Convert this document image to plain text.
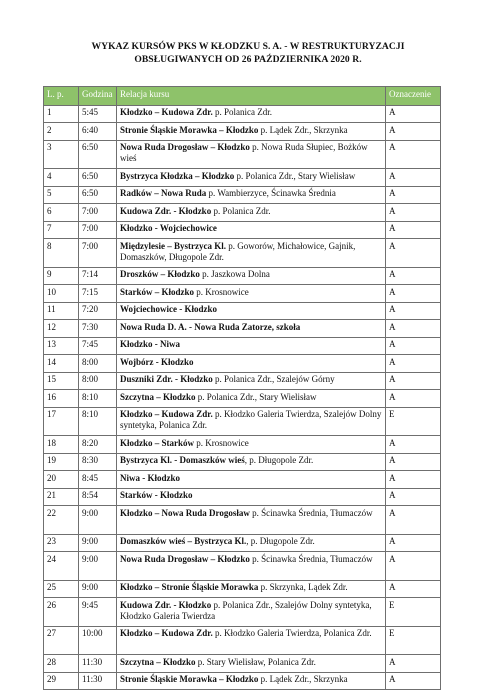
WYKAZ KURSÓW PKS W KŁODZKU S. A. - W RESTRUKTURYZACJI
OBSŁUGIWANYCH OD 26 PAŹDZIERNIKA 2020 R.
L. p.	Godzina	Relacja kursu	Oznaczenie
1	5:45	Kłodzko – Kudowa Zdr. p. Polanica Zdr.	A
2	6:40	Stronie Śląskie Morawka – Kłodzko p. Lądek Zdr., Skrzynka	A
3	6:50	Nowa Ruda Drogosław – Kłodzko p. Nowa Ruda Słupiec, Bożków wieś	A
4	6:50	Bystrzyca Kłodzka – Kłodzko p. Polanica Zdr., Stary Wielisław	A
5	6:50	Radków – Nowa Ruda p. Wambierzyce, Ścinawka Średnia	A
6	7:00	Kudowa Zdr. - Kłodzko p. Polanica Zdr.	A
7	7:00	Kłodzko - Wojciechowice	A
8	7:00	Międzylesie – Bystrzyca Kl. p. Goworów, Michałowice, Gajnik, Domaszków, Długopole Zdr.	A
9	7:14	Droszków – Kłodzko p. Jaszkowa Dolna	A
10	7:15	Starków – Kłodzko p. Krosnowice	A
11	7:20	Wojciechowice - Kłodzko	A
12	7:30	Nowa Ruda D. A. - Nowa Ruda Zatorze, szkoła	A
13	7:45	Kłodzko - Niwa	A
14	8:00	Wojbórz - Kłodzko	A
15	8:00	Duszniki Zdr. - Kłodzko p. Polanica Zdr., Szalejów Górny	A
16	8:10	Szczytna – Kłodzko p. Polanica Zdr., Stary Wielisław	A
17	8:10	Kłodzko – Kudowa Zdr. p. Kłodzko Galeria Twierdza, Szalejów Dolny syntetyka, Polanica Zdr.	E
18	8:20	Kłodzko – Starków p. Krosnowice	A
19	8:30	Bystrzyca Kl. - Domaszków wieś, p. Długopole Zdr.	A
20	8:45	Niwa - Kłodzko	A
21	8:54	Starków - Kłodzko	A
22	9:00	Kłodzko – Nowa Ruda Drogosław p. Ścinawka Średnia, Tłumaczów	A
23	9:00	Domaszków wieś – Bystrzyca Kl., p. Długopole Zdr.	A
24	9:00	Nowa Ruda Drogosław – Kłodzko p. Ścinawka Średnia, Tłumaczów	A
25	9:00	Kłodzko – Stronie Śląskie Morawka p. Skrzynka, Lądek Zdr.	A
26	9:45	Kudowa Zdr. - Kłodzko p. Polanica Zdr., Szalejów Dolny syntetyka, Kłodzko Galeria Twierdza	E
27	10:00	Kłodzko – Kudowa Zdr. p. Kłodzko Galeria Twierdza, Polanica Zdr.	E
28	11:30	Szczytna – Kłodzko p. Stary Wielisław, Polanica Zdr.	A
29	11:30	Stronie Śląskie Morawka – Kłodzko p. Lądek Zdr., Skrzynka	A
